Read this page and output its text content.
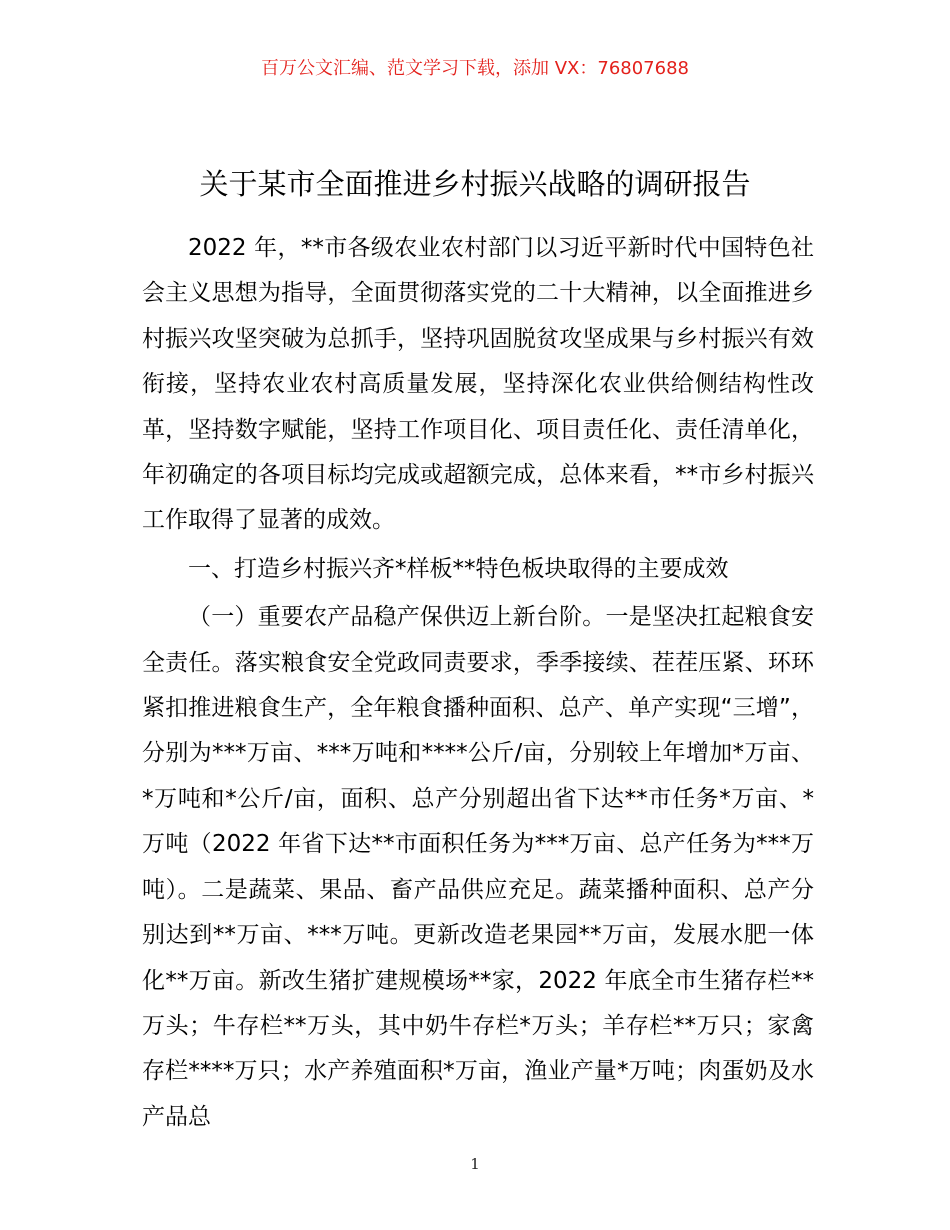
百万公文汇编、范文学习下载，添加 VX：76807688
关于某市全面推进乡村振兴战略的调研报告

2022 年，**市各级农业农村部门以习近平新时代中国特色社会主义思想为指导，全面贯彻落实党的二十大精神，以全面推进乡村振兴攻坚突破为总抓手，坚持巩固脱贫攻坚成果与乡村振兴有效衔接，坚持农业农村高质量发展，坚持深化农业供给侧结构性改革，坚持数字赋能，坚持工作项目化、项目责任化、责任清单化，年初确定的各项目标均完成或超额完成，总体来看，**市乡村振兴工作取得了显著的成效。

一、打造乡村振兴齐*样板**特色板块取得的主要成效

（一）重要农产品稳产保供迈上新台阶。一是坚决扛起粮食安全责任。落实粮食安全党政同责要求，季季接续、茬茬压紧、环环紧扣推进粮食生产，全年粮食播种面积、总产、单产实现“三增”，分别为***万亩、***万吨和****公斤/亩，分别较上年增加*万亩、*万吨和*公斤/亩，面积、总产分别超出省下达**市任务*万亩、*万吨（2022 年省下达**市面积任务为***万亩、总产任务为***万吨）。二是蔬菜、果品、畜产品供应充足。蔬菜播种面积、总产分别达到**万亩、***万吨。更新改造老果园**万亩，发展水肥一体化**万亩。新改生猪扩建规模场**家，2022 年底全市生猪存栏**万头；牛存栏**万头，其中奶牛存栏*万头；羊存栏**万只；家禽存栏****万只；水产养殖面积*万亩，渔业产量*万吨；肉蛋奶及水产品总

1
